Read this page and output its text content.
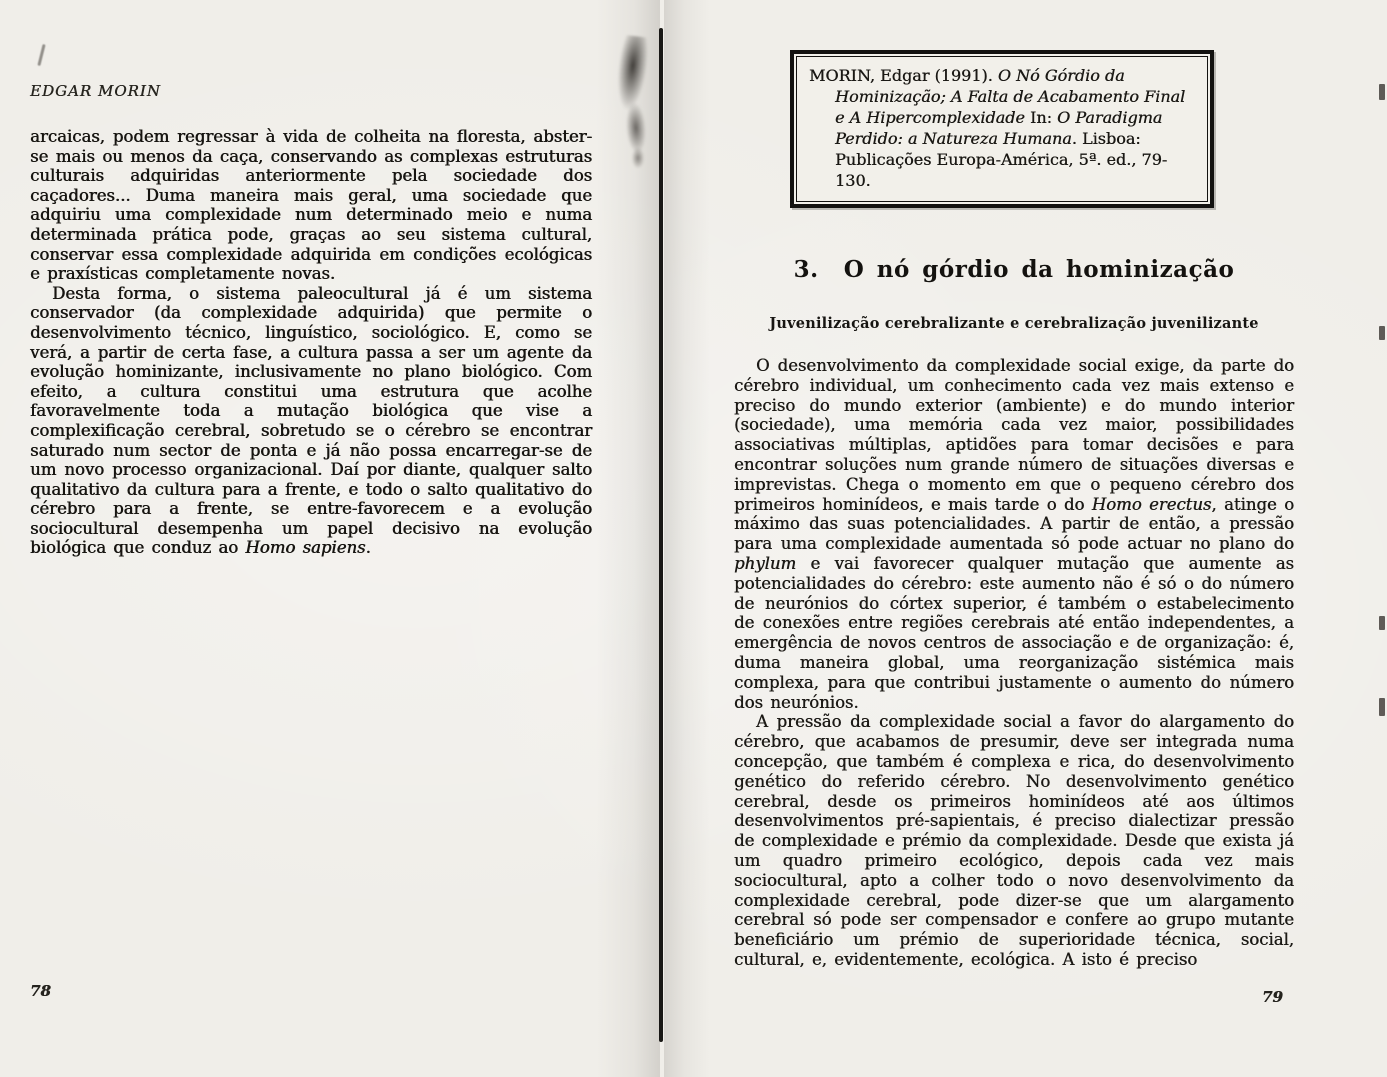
EDGAR MORIN

arcaicas, podem regressar à vida de colheita na floresta, abster-se mais ou menos da caça, conservando as complexas estruturas culturais adquiridas anteriormente pela sociedade dos caçadores... Duma maneira mais geral, uma sociedade que adquiriu uma complexidade num determinado meio e numa determinada prática pode, graças ao seu sistema cultural, conservar essa complexidade adquirida em condições ecológicas e praxísticas completamente novas.

Desta forma, o sistema paleocultural já é um sistema conservador (da complexidade adquirida) que permite o desenvolvimento técnico, linguístico, sociológico. E, como se verá, a partir de certa fase, a cultura passa a ser um agente da evolução hominizante, inclusivamente no plano biológico. Com efeito, a cultura constitui uma estrutura que acolhe favoravelmente toda a mutação biológica que vise a complexificação cerebral, sobretudo se o cérebro se encontrar saturado num sector de ponta e já não possa encarregar-se de um novo processo organizacional. Daí por diante, qualquer salto qualitativo da cultura para a frente, e todo o salto qualitativo do cérebro para a frente, se entre-favorecem e a evolução sociocultural desempenha um papel decisivo na evolução biológica que conduz ao Homo sapiens.

78

MORIN, Edgar (1991). O Nó Górdio da Hominização; A Falta de Acabamento Final e A Hipercomplexidade In: O Paradigma Perdido: a Natureza Humana. Lisboa: Publicações Europa-América, 5ª. ed., 79-130.

3.  O nó górdio da hominização
Juvenilização cerebralizante e cerebralização juvenilizante

O desenvolvimento da complexidade social exige, da parte do cérebro individual, um conhecimento cada vez mais extenso e preciso do mundo exterior (ambiente) e do mundo interior (sociedade), uma memória cada vez maior, possibilidades associativas múltiplas, aptidões para tomar decisões e para encontrar soluções num grande número de situações diversas e imprevistas. Chega o momento em que o pequeno cérebro dos primeiros hominídeos, e mais tarde o do Homo erectus, atinge o máximo das suas potencialidades. A partir de então, a pressão para uma complexidade aumentada só pode actuar no plano do phylum e vai favorecer qualquer mutação que aumente as potencialidades do cérebro: este aumento não é só o do número de neurónios do córtex superior, é também o estabelecimento de conexões entre regiões cerebrais até então independentes, a emergência de novos centros de associação e de organização: é, duma maneira global, uma reorganização sistémica mais complexa, para que contribui justamente o aumento do número dos neurónios.

A pressão da complexidade social a favor do alargamento do cérebro, que acabamos de presumir, deve ser integrada numa concepção, que também é complexa e rica, do desenvolvimento genético do referido cérebro. No desenvolvimento genético cerebral, desde os primeiros hominídeos até aos últimos desenvolvimentos pré-sapientais, é preciso dialectizar pressão de complexidade e prémio da complexidade. Desde que exista já um quadro primeiro ecológico, depois cada vez mais sociocultural, apto a colher todo o novo desenvolvimento da complexidade cerebral, pode dizer-se que um alargamento cerebral só pode ser compensador e confere ao grupo mutante beneficiário um prémio de superioridade técnica, social, cultural, e, evidentemente, ecológica. A isto é preciso

79
